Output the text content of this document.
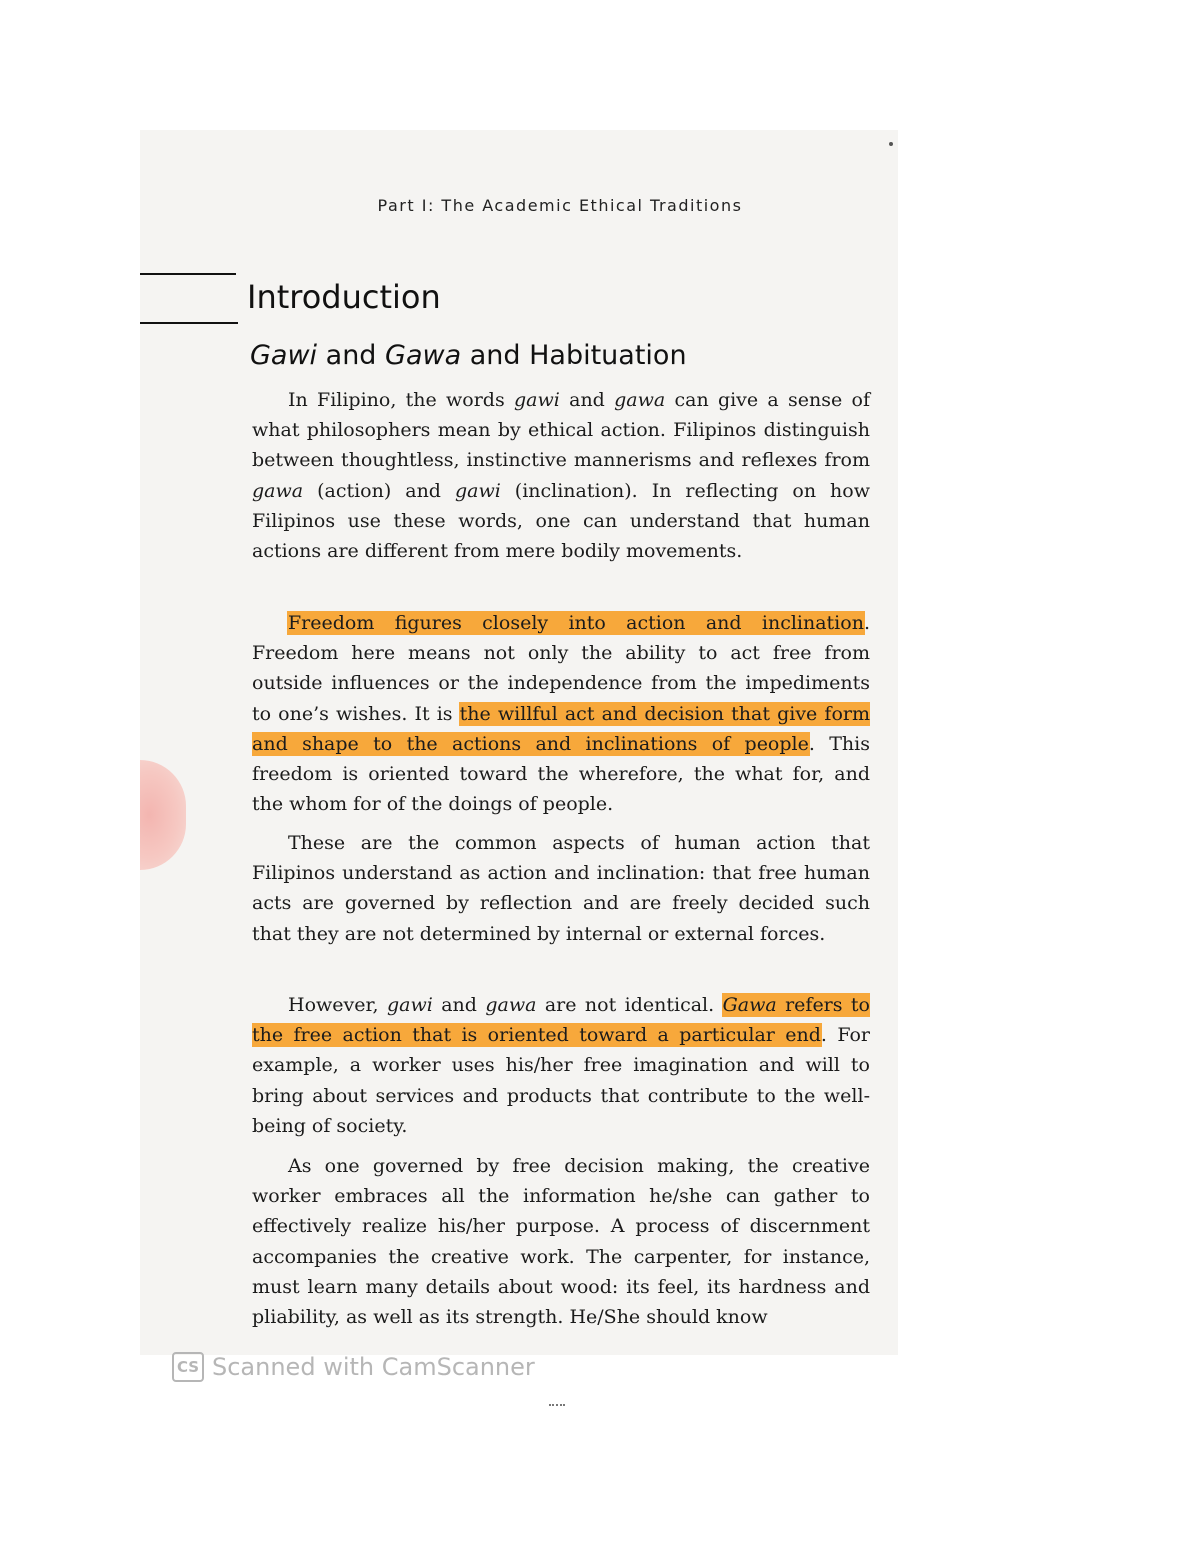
Part I: The Academic Ethical Traditions
Introduction
Gawi and Gawa and Habituation

In Filipino, the words gawi and gawa can give a sense of what philosophers mean by ethical action. Filipinos distinguish between thoughtless, instinctive mannerisms and reflexes from gawa (action) and gawi (inclination). In reflecting on how Filipinos use these words, one can understand that human actions are different from mere bodily movements.

Freedom figures closely into action and inclination. Freedom here means not only the ability to act free from outside influences or the independence from the impediments to one’s wishes. It is the willful act and decision that give form and shape to the actions and inclinations of people. This freedom is oriented toward the wherefore, the what for, and the whom for of the doings of people.

These are the common aspects of human action that Filipinos understand as action and inclination: that free human acts are governed by reflection and are freely decided such that they are not determined by internal or external forces.

However, gawi and gawa are not identical. Gawa refers to the free action that is oriented toward a particular end. For example, a worker uses his/her free imagination and will to bring about services and products that contribute to the well-being of society.

As one governed by free decision making, the creative worker embraces all the information he/she can gather to effectively realize his/her purpose. A process of discernment accompanies the creative work. The carpenter, for instance, must learn many details about wood: its feel, its hardness and pliability, as well as its strength. He/She should know

CS Scanned with CamScanner
